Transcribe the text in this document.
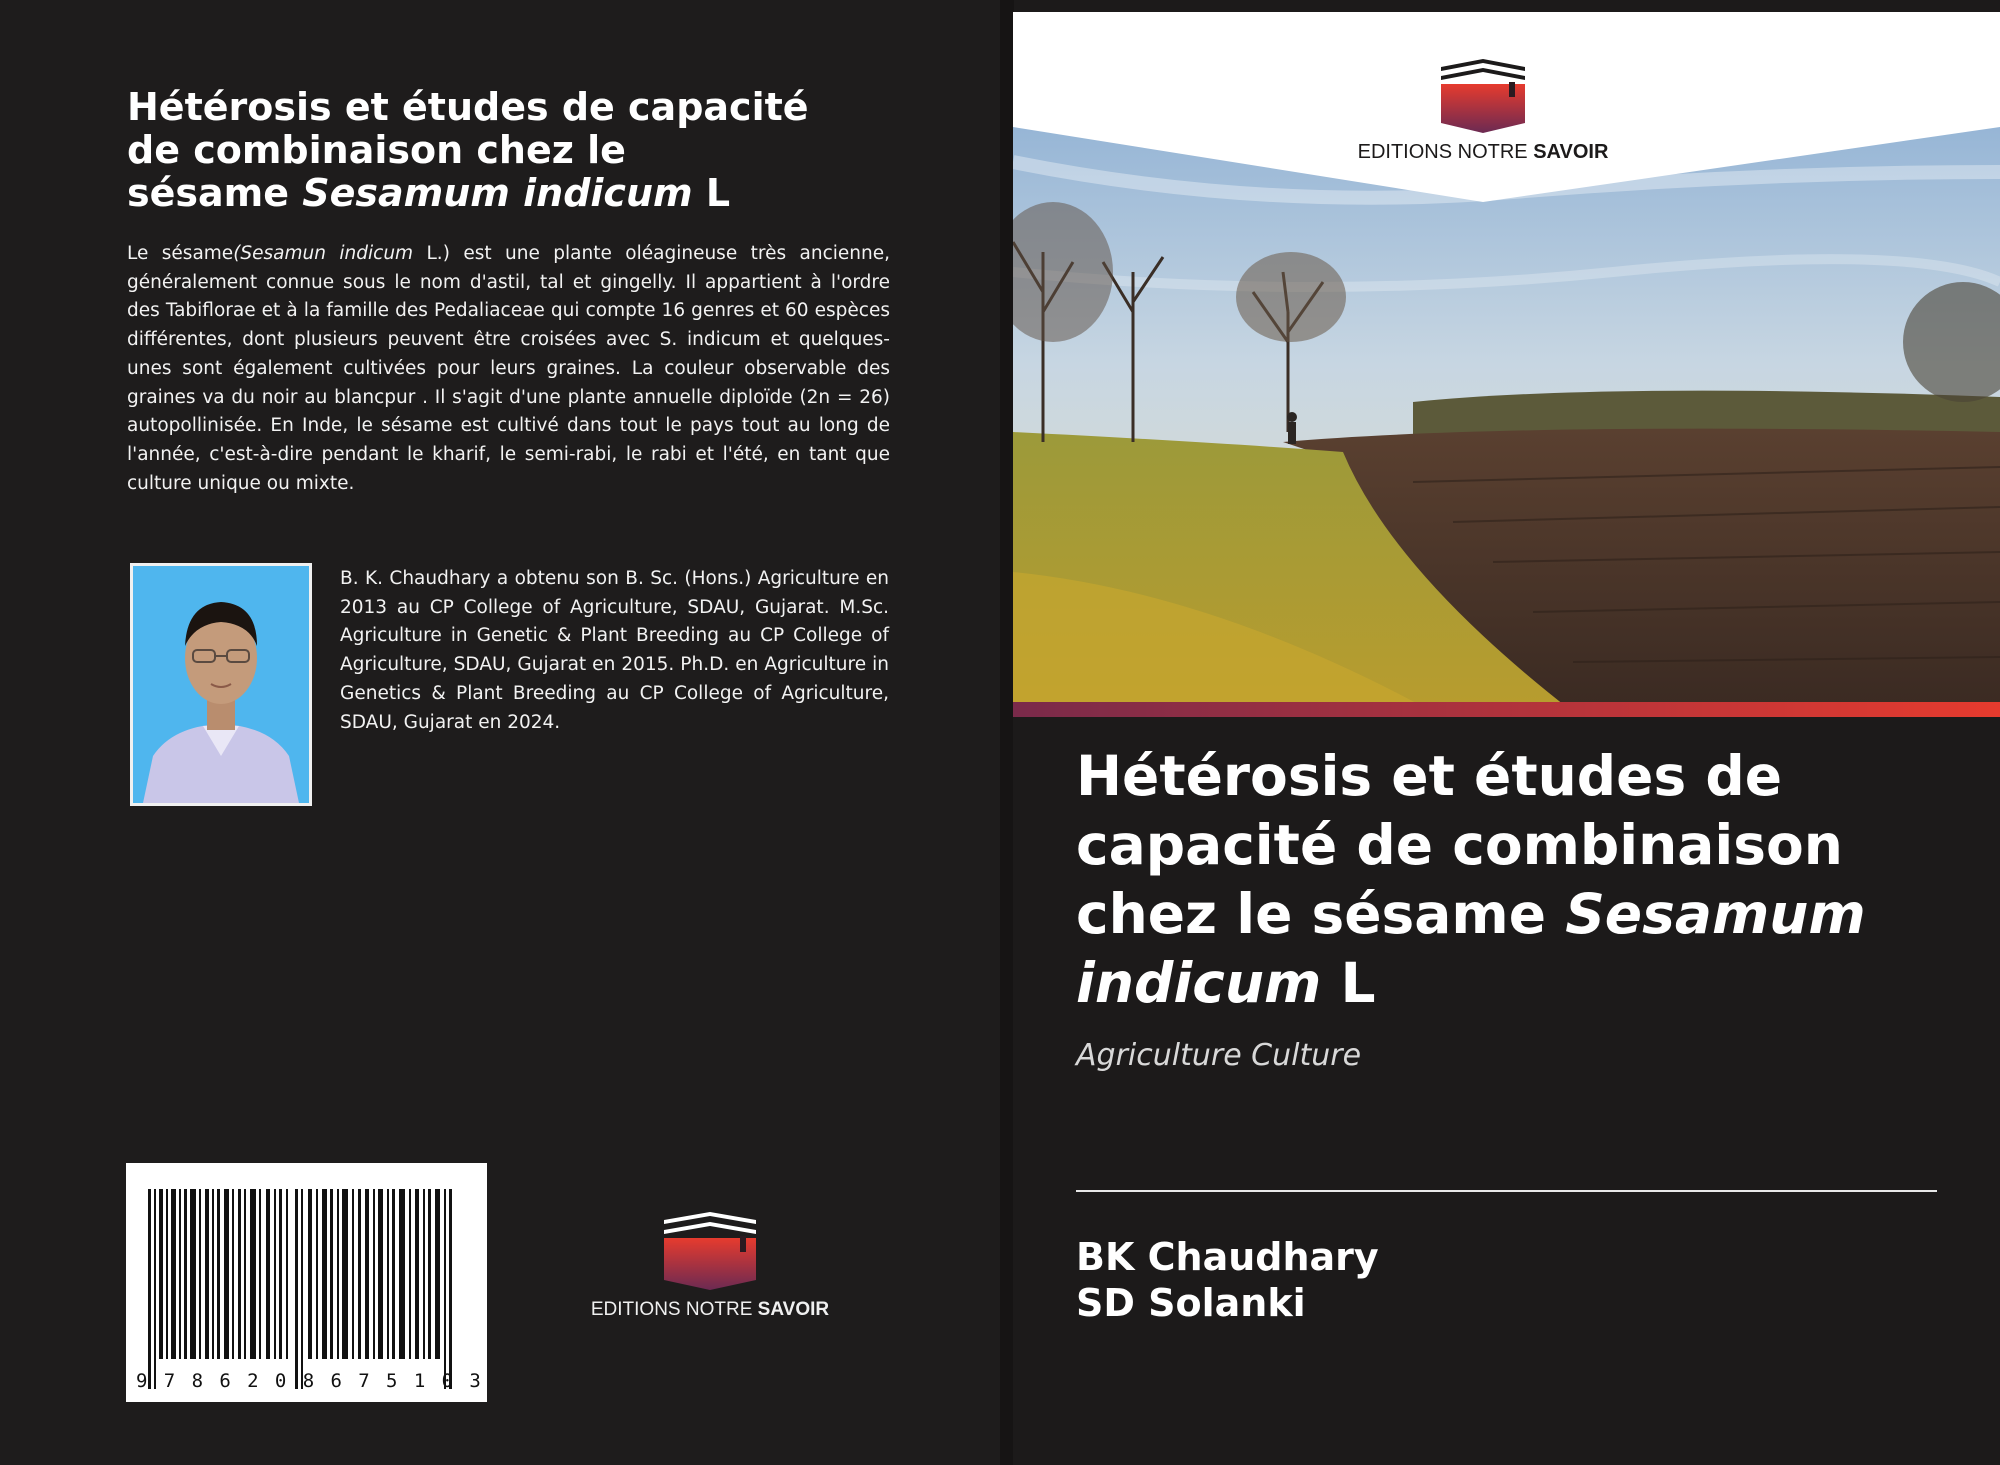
Hétérosis et études de capacité
de combinaison chez le
sésame Sesamum indicum L

Le sésame(Sesamun indicum L.) est une plante oléagineuse très ancienne, généralement connue sous le nom d'astil, tal et gingelly. Il appartient à l'ordre des Tabiflorae et à la famille des Pedaliaceae qui compte 16 genres et 60 espèces différentes, dont plusieurs peuvent être croisées avec S. indicum et quelques-unes sont également cultivées pour leurs graines. La couleur observable des graines va du noir au blancpur . Il s'agit d'une plante annuelle diploïde (2n = 26) autopollinisée. En Inde, le sésame est cultivé dans tout le pays tout au long de l'année, c'est-à-dire pendant le kharif, le semi-rabi, le rabi et l'été, en tant que culture unique ou mixte.

B. K. Chaudhary a obtenu son B. Sc. (Hons.) Agriculture en 2013 au CP College of Agriculture, SDAU, Gujarat. M.Sc. Agriculture in Genetic & Plant Breeding au CP College of Agriculture, SDAU, Gujarat en 2015. Ph.D. en Agriculture in Genetics & Plant Breeding au CP College of Agriculture, SDAU, Gujarat en 2024.

9 7 8 6 2 0 8 6 7 5 1 0 3
EDITIONS NOTRE SAVOIR
EDITIONS NOTRE SAVOIR
Hétérosis et études de
capacité de combinaison
chez le sésame Sesamum
indicum L

Agriculture Culture

BK Chaudhary
SD Solanki
